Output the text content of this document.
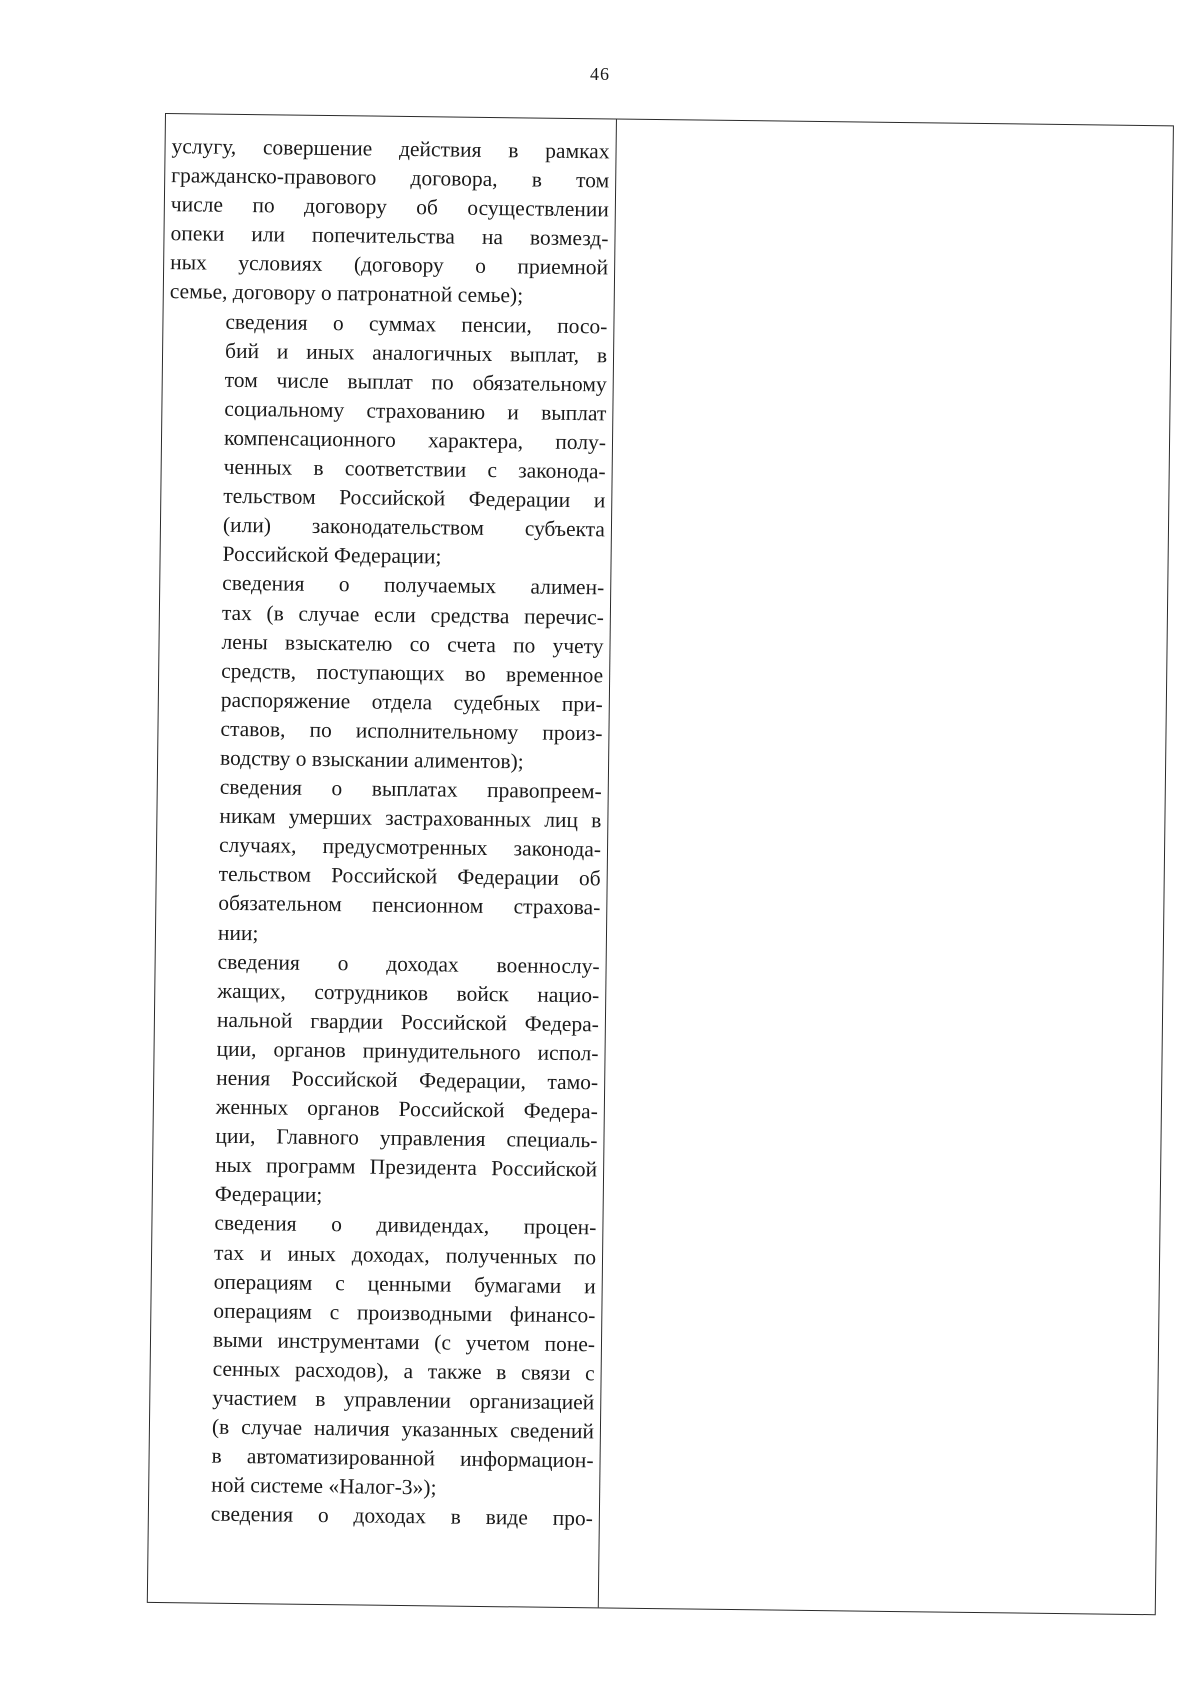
46

услугу, совершение действия в рамках
гражданско-правового договора, в том
числе по договору об осуществлении
опеки или попечительства на возмезд-
ных условиях (договору о приемной
семье, договору о патронатной семье);

сведения о суммах пенсии, посо-
бий и иных аналогичных выплат, в
том числе выплат по обязательному
социальному страхованию и выплат
компенсационного характера, полу-
ченных в соответствии с законода-
тельством Российской Федерации и
(или) законодательством субъекта
Российской Федерации;

сведения о получаемых алимен-
тах (в случае если средства перечис-
лены взыскателю со счета по учету
средств, поступающих во временное
распоряжение отдела судебных при-
ставов, по исполнительному произ-
водству о взыскании алиментов);

сведения о выплатах правопреем-
никам умерших застрахованных лиц в
случаях, предусмотренных законода-
тельством Российской Федерации об
обязательном пенсионном страхова-
нии;

сведения о доходах военнослу-
жащих, сотрудников войск нацио-
нальной гвардии Российской Федера-
ции, органов принудительного испол-
нения Российской Федерации, тамо-
женных органов Российской Федера-
ции, Главного управления специаль-
ных программ Президента Российской
Федерации;

сведения о дивидендах, процен-
тах и иных доходах, полученных по
операциям с ценными бумагами и
операциям с производными финансо-
выми инструментами (с учетом поне-
сенных расходов), а также в связи с
участием в управлении организацией
(в случае наличия указанных сведений
в автоматизированной информацион-
ной системе «Налог-3»);

сведения о доходах в виде про-
